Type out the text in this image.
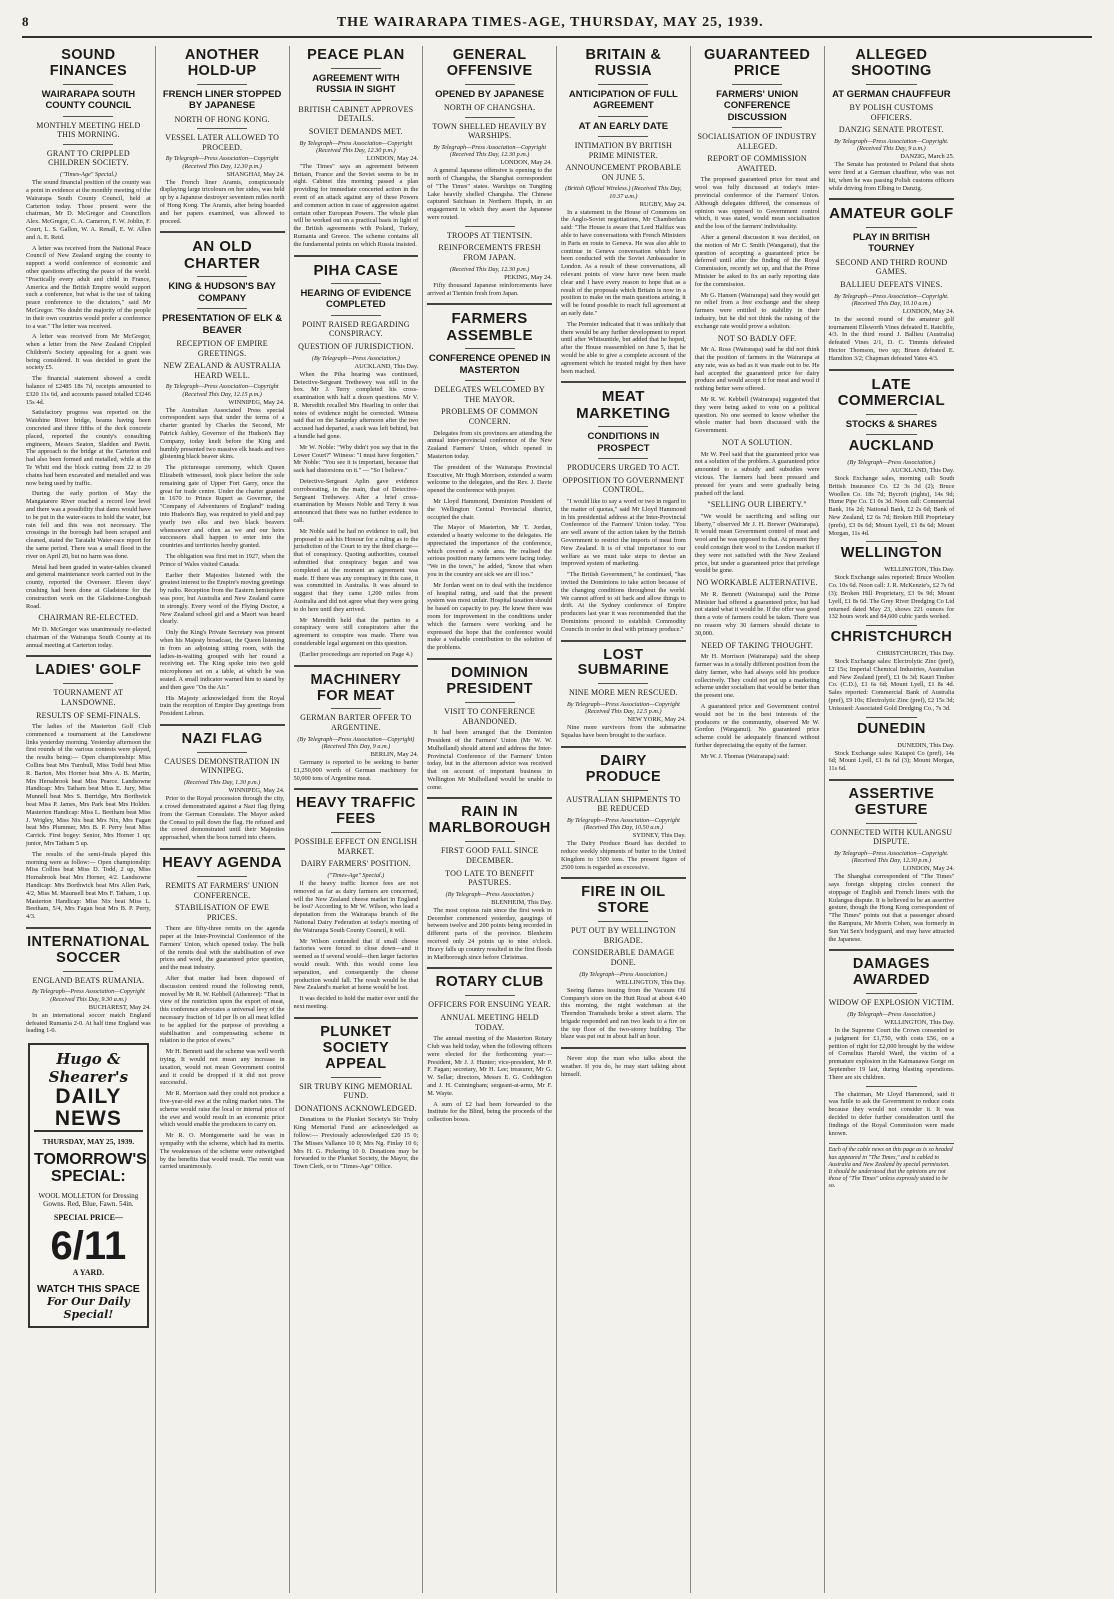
8	THE WAIRARAPA TIMES-AGE, THURSDAY, MAY 25, 1939.
SOUND FINANCES
WAIRARAPA SOUTH COUNTY COUNCIL
MONTHLY MEETING HELD THIS MORNING.
GRANT TO CRIPPLED CHILDREN SOCIETY.
("Times-Age" Special.)

The sound financial position of the county was a point in evidence at the monthly meeting of the Wairarapa South County Council, held at Carterton today. Those present were the chairman, Mr D. McGregor and Councillors Alex. McGregor, C. A. Cameron, F. W. Joblin, F. Court, L. S. Gallon, W. A. Renall, E. W. Allen and A. E. Reid.

A letter was received from the National Peace Council of New Zealand urging the county to support a world conference of economic and other questions affecting the peace of the world. "Practically every adult and child in France, America and the British Empire would support such a conference, but what is the use of taking peace conference to the dictators," said Mr McGregor. "No doubt the majority of the people in their own countries would prefer a conference to a war." The letter was received.

A letter was received from Mr McGregor, when a letter from the New Zealand Crippled Children's Society appealing for a grant was being considered. It was decided to grant the society £5.

The financial statement showed a credit balance of £2485 18s 7d, receipts amounted to £320 11s 6d, and accounts passed totalled £3246 15s 4d.

Satisfactory progress was reported on the Waiohine River bridge, beams having been concreted and three fifths of the deck concrete placed, reported the county's consulting engineers, Messrs Seaton, Sladden and Pavitt. The approach to the bridge at the Carterton end had also been formed and metalled, while at the Te Whiti end the block cutting from 22 to 29 chains had been excavated and metalled and was now being used by traffic.

During the early portion of May the Mangatarere River reached a record low level and there was a possibility that dams would have to be put in the water-races to hold the water, but rain fell and this was not necessary. The crossings in the borough had been scraped and cleaned, stated the Taratahi Water-race report for the same period. There was a small flood in the river on April 20, but no harm was done.

Metal had been graded in water-tables cleaned and general maintenance work carried out in the county, reported the Overseer. Eleven days' crushing had been done at Gladstone for the construction work on the Gladstone-Longbush Road.

CHAIRMAN RE-ELECTED.

Mr D. McGregor was unanimously re-elected chairman of the Wairarapa South County at its annual meeting at Carterton today.

LADIES' GOLF
TOURNAMENT AT LANSDOWNE.
RESULTS OF SEMI-FINALS.

The ladies of the Masterton Golf Club commenced a tournament at the Lansdowne links yesterday morning. Yesterday afternoon the first rounds of the various contests were played, the results being:— Open championship: Miss Collins beat Mrs Turnbull, Miss Todd beat Miss R. Barton, Mrs Horner beat Mrs A. B. Martin, Mrs Hersabrook beat Miss Pearce. Landsowne Handicap: Mrs Tatham beat Miss E. Jury, Miss Munnell beat Mrs S. Burridge, Mrs Borthwick beat Miss P. James, Mrs Park beat Mrs Holden. Masterton Handicap: Miss L. Beetham beat Miss J. Wrigley, Miss Nix beat Mrs Nix, Mrs Fagan beat Mrs Plummer, Mrs B. P. Perry beat Miss Carrick. First bogey: Senior, Mrs Horner 1 up; junior, Mrs Tatham 5 up.

The results of the semi-finals played this morning were as follow:— Open championship: Miss Collins beat Miss D. Todd, 2 up, Miss Hornabrook beat Mrs Horner, 4/2. Landsowne Handicap: Mrs Borthwick beat Mrs Allen Park, 4/2, Miss M. Maunsell beat Mrs F. Tatham, 1 up. Masterton Handicap: Miss Nix beat Miss L. Beetham, 5/4, Mrs Fagan beat Mrs B. P. Perry, 4/3.

INTERNATIONAL SOCCER
ENGLAND BEATS RUMANIA.
By Telegraph—Press Association—Copyright (Received This Day, 9.30 a.m.)
BUCHAREST, May 24.

In an international soccer match England defeated Rumania 2-0. At half time England was leading 1-0.

Hugo & Shearer's
DAILY NEWS
THURSDAY, MAY 25, 1939.
TOMORROW'S SPECIAL:
WOOL MOLLETON for Dressing Gowns. Red, Blue, Fawn. 54in.
SPECIAL PRICE—
6/11
A YARD.
WATCH THIS SPACE
For Our Daily Special!
ANOTHER HOLD-UP
FRENCH LINER STOPPED BY JAPANESE
NORTH OF HONG KONG.
VESSEL LATER ALLOWED TO PROCEED.
By Telegraph—Press Association—Copyright (Received This Day, 12.30 p.m.)
SHANGHAI, May 24.

The French liner Aramis, conspicuously displaying large tricolours on her sides, was held up by a Japanese destroyer seventeen miles north of Hong Kong. The Aramis, after being boarded and her papers examined, was allowed to proceed.

AN OLD CHARTER
KING & HUDSON'S BAY COMPANY
PRESENTATION OF ELK & BEAVER
RECEPTION OF EMPIRE GREETINGS.
NEW ZEALAND & AUSTRALIA HEARD WELL.
By Telegraph—Press Association—Copyright (Received This Day, 12.15 p.m.)
WINNIPEG, May 24.

The Australian Associated Press special correspondent says that under the terms of a charter granted by Charles the Second, Mr Patrick Ashley, Governor of the Hudson's Bay Company, today knelt before the King and humbly presented two massive elk heads and two glistening black beaver skins.

The picturesque ceremony, which Queen Elizabeth witnessed, took place before the sole remaining gate of Upper Fort Garry, once the great fur trade centre. Under the charter granted in 1670 to Prince Rupert as Governor, the "Company of Adventurers of England" trading into Hudson's Bay, was required to yield and pay yearly two elks and two black beavers whensoever and often as we and our heirs successors shall happen to enter into the countries and territories hereby granted.

The obligation was first met in 1927, when the Prince of Wales visited Canada.

Earlier their Majesties listened with the greatest interest to the Empire's moving greetings by radio. Reception from the Eastern hemisphere was poor, but Australia and New Zealand came in strongly. Every word of the Flying Doctor, a New Zealand school girl and a Maori was heard clearly.

Only the King's Private Secretary was present when his Majesty broadcast, the Queen listening in from an adjoining sitting room, with the ladies-in-waiting grouped with her round a receiving set. The King spoke into two gold microphones set on a table, at which he was seated. A small indicator warned him to stand by and then gave "On the Air."

His Majesty acknowledged from the Royal train the reception of Empire Day greetings from President Lebrun.

NAZI FLAG
CAUSES DEMONSTRATION IN WINNIPEG.
(Received This Day, 1.30 p.m.)
WINNIPEG, May 24.

Prior to the Royal procession through the city, a crowd demonstrated against a Nazi flag flying from the German Consulate. The Mayor asked the Consul to pull down the flag. He refused and the crowd demonstrated until their Majesties approached, when the boos turned into cheers.

HEAVY AGENDA
REMITS AT FARMERS' UNION CONFERENCE.
STABILISATION OF EWE PRICES.

There are fifty-three remits on the agenda paper at the Inter-Provincial Conference of the Farmers' Union, which opened today. The bulk of the remits deal with the stabilisation of ewe prices and wool, the guaranteed price question, and the meat industry.

After that matter had been disposed of discussion centred round the following remit, moved by Mr R. W. Kebbell (Athenree): "That in view of the restriction upon the export of meat, this conference advocates a universal levy of the necessary fraction of 1d per lb on all meat killed to be applied for the purpose of providing a stabilisation and compensating scheme in relation to the price of ewes."

Mr H. Bennett said the scheme was well worth trying. It would not mean any increase in taxation, would not mean Government control and it could be dropped if it did not prove successful.

Mr R. Morrison said they could not produce a five-year-old ewe at the ruling market rates. The scheme would raise the local or internal price of the ewe and would result in an economic price which would enable the producers to carry on.

Mr R. O. Montgomerie said he was in sympathy with the scheme, which had its merits. The weaknesses of the scheme were outweighed by the benefits that would result. The remit was carried unanimously.

PEACE PLAN
AGREEMENT WITH RUSSIA IN SIGHT
BRITISH CABINET APPROVES DETAILS.
SOVIET DEMANDS MET.
By Telegraph—Press Association—Copyright (Received This Day, 12.30 p.m.)
LONDON, May 24.

"The Times" says an agreement between Britain, France and the Soviet seems to be in sight. Cabinet this morning passed a plan providing for immediate concerted action in the event of an attack against any of these Powers and common action in case of aggression against certain other European Powers. The whole plan will be worked out on a practical basis in light of the British agreements with Poland, Turkey, Rumania and Greece. The scheme contains all the fundamental points on which Russia insisted.

PIHA CASE
HEARING OF EVIDENCE COMPLETED
POINT RAISED REGARDING CONSPIRACY.
QUESTION OF JURISDICTION.
(By Telegraph—Press Association.)
AUCKLAND, This Day.

When the Piha hearing was continued, Detective-Sergeant Trethewey was still in the box. Mr J. Terry completed his cross-examination with half a dozen questions. Mr V. R. Meredith recalled Mrs Hearling in order that notes of evidence might be corrected. Witness said that on the Saturday afternoon after the two accused had departed, a sack was left behind, but a bundle had gone.

Mr W. Noble: "Why didn't you say that in the Lower Court?" Witness: "I must have forgotten." Mr Noble: "You see it is important, because that sack had distorsions on it." — "So I believe."

Detective-Sergeant Aplin gave evidence corroborating, in the main, that of Detective-Sergeant Trethewey. After a brief cross-examination by Messrs Noble and Terry it was announced that there was no further evidence to call.

Mr Noble said he had no evidence to call, but proposed to ask his Honour for a ruling as to the jurisdiction of the Court to try the third charge—that of conspiracy. Quoting authorities, counsel submitted that conspiracy began and was completed at the moment an agreement was made. If there was any conspiracy in this case, it was committed in Australia. It was absurd to suggest that they came 1,200 miles from Australia and did not agree what they were going to do here until they arrived.

Mr Meredith held that the parties to a conspiracy were still conspirators after the agreement to conspire was made. There was considerable legal argument on this question.

(Earlier proceedings are reported on Page 4.)

MACHINERY FOR MEAT
GERMAN BARTER OFFER TO ARGENTINE.
(By Telegraph—Press Association—Copyright) (Received This Day, 9 a.m.)
BERLIN, May 24.

Germany is reported to be seeking to barter £1,250,000 worth of German machinery for 50,000 tons of Argentine meat.

HEAVY TRAFFIC FEES
POSSIBLE EFFECT ON ENGLISH MARKET.
DAIRY FARMERS' POSITION.
("Times-Age" Special.)

If the heavy traffic licence fees are not removed as far as dairy farmers are concerned, will the New Zealand cheese market in England be lost? According to Mr W. Wilson, who lead a deputation from the Wairarapa branch of the National Dairy Federation at today's meeting of the Wairarapa South County Council, it will.

Mr Wilson contended that if small cheese factories were forced to close down—and it seemed as if several would—then larger factories would result. With this would come less separation, and consequently the cheese production would fall. The result would be that New Zealand's market at home would be lost.

It was decided to hold the matter over until the next meeting.

PLUNKET SOCIETY APPEAL
SIR TRUBY KING MEMORIAL FUND.
DONATIONS ACKNOWLEDGED.

Donations to the Plunket Society's Sir Truby King Memorial Fund are acknowledged as follow:— Previously acknowledged £20 15 0; The Misses Vallance 10 0; Mrs Ng. Finlay 10 6; Mrs H. G. Pickering 10 0. Donations may be forwarded to the Plunket Society, the Mayor, the Town Clerk, or to "Times-Age" Office.

GENERAL OFFENSIVE
OPENED BY JAPANESE
NORTH OF CHANGSHA.
TOWN SHELLED HEAVILY BY WARSHIPS.
By Telegraph—Press Association—Copyright (Received This Day, 12.30 p.m.)
LONDON, May 24.

A general Japanese offensive is opening to the north of Changsha, the Shanghai correspondent of "The Times" states. Warships on Tungting Lake heavily shelled Changsha. The Chinese captured Saichuan in Northern Hupeh, in an engagement in which they assert the Japanese were routed.

TROOPS AT TIENTSIN.
REINFORCEMENTS FRESH FROM JAPAN.
(Received This Day, 12.30 p.m.)
PEKING, May 24.

Fifty thousand Japanese reinforcements have arrived at Tientsin fresh from Japan.

FARMERS ASSEMBLE
CONFERENCE OPENED IN MASTERTON
DELEGATES WELCOMED BY THE MAYOR.
PROBLEMS OF COMMON CONCERN.

Delegates from six provinces are attending the annual inter-provincial conference of the New Zealand Farmers' Union, which opened in Masterton today.

The president of the Wairarapa Provincial Executive, Mr Hugh Morrison, extended a warm welcome to the delegates, and the Rev. J. Davie opened the conference with prayer.

Mr Lloyd Hammond, Dominion President of the Wellington Central Provincial district, occupied the chair.

The Mayor of Masterton, Mr T. Jordan, extended a hearty welcome to the delegates. He appreciated the importance of the conference, which covered a wide area. He realised the serious position many farmers were facing today. "We in the town," he added, "know that when you in the country are sick we are ill too."

Mr Jordan went on to deal with the incidence of hospital rating, and said that the present system was most unfair. Hospital taxation should be based on capacity to pay. He knew there was room for improvement in the conditions under which the farmers were working and he expressed the hope that the conference would make a valuable contribution to the solution of the problems.

DOMINION PRESIDENT
VISIT TO CONFERENCE ABANDONED.

It had been arranged that the Dominion President of the Farmers' Union (Mr W. W. Mulholland) should attend and address the Inter-Provincial Conference of the Farmers' Union today, but in the afternoon advice was received that on account of important business in Wellington Mr Mulholland would be unable to come.

RAIN IN MARLBOROUGH
FIRST GOOD FALL SINCE DECEMBER.
TOO LATE TO BENEFIT PASTURES.
(By Telegraph—Press Association.)
BLENHEIM, This Day.

The most copious rain since the first week in December commenced yesterday, gaugings of between twelve and 200 points being recorded in different parts of the province. Blenheim received only 24 points up to nine o'clock. Heavy falls up country resulted in the first floods in Marlborough since before Christmas.

ROTARY CLUB
OFFICERS FOR ENSUING YEAR.
ANNUAL MEETING HELD TODAY.

The annual meeting of the Masterton Rotary Club was held today, when the following officers were elected for the forthcoming year:—President, Mr J. J. Hunter; vice-president, Mr P. F. Fagan; secretary, Mr H. Lee; treasurer, Mr G. W. Sellar; directors, Messrs E. G. Coddington and J. H. Cunningham; sergeant-at-arms, Mr F. M. Wayte.

A sum of £2 had been forwarded to the Institute for the Blind, being the proceeds of the collection boxes.

BRITAIN & RUSSIA
ANTICIPATION OF FULL AGREEMENT
AT AN EARLY DATE
INTIMATION BY BRITISH PRIME MINISTER.
ANNOUNCEMENT PROBABLE ON JUNE 5.
(British Official Wireless.) (Received This Day, 10.37 a.m.)
RUGBY, May 24.

In a statement in the House of Commons on the Anglo-Soviet negotiations, Mr Chamberlain said: "The House is aware that Lord Halifax was able to have conversations with French Ministers in Paris en route to Geneva. He was also able to continue in Geneva conversation which have been conducted with the Soviet Ambassador in London. As a result of these conversations, all relevant points of view have now been made clear and I have every reason to hope that as a result of the proposals which Britain is now in a position to make on the main questions arising, it will be found possible to reach full agreement at an early date."

The Premier indicated that it was unlikely that there would be any further development to report until after Whitsuntide, but added that he hoped, after the House reassembled on June 5, that he would be able to give a complete account of the agreement which he trusted might by then have been reached.

MEAT MARKETING
CONDITIONS IN PROSPECT
PRODUCERS URGED TO ACT.
OPPOSITION TO GOVERNMENT CONTROL.

"I would like to say a word or two in regard to the matter of quotas," said Mr Lloyd Hammond in his presidential address at the Inter-Provincial Conference of the Farmers' Union today. "You are well aware of the action taken by the British Government to restrict the imports of meat from New Zealand. It is of vital importance to our welfare as we must take steps to devise an improved system of marketing.

"The British Government," he continued, "has invited the Dominions to take action because of the changing conditions throughout the world. We cannot afford to sit back and allow things to drift. At the Sydney conference of Empire producers last year it was recommended that the Dominions proceed to establish Commodity Councils in order to deal with primary produce."

LOST SUBMARINE
NINE MORE MEN RESCUED.
By Telegraph—Press Association—Copyright (Received This Day, 12.5 p.m.)
NEW YORK, May 24.

Nine more survivors from the submarine Squalus have been brought to the surface.

DAIRY PRODUCE
AUSTRALIAN SHIPMENTS TO BE REDUCED
By Telegraph—Press Association—Copyright (Received This Day, 10.50 a.m.)
SYDNEY, This Day.

The Dairy Produce Board has decided to reduce weekly shipments of butter to the United Kingdom to 1500 tons. The present figure of 2500 tons is regarded as excessive.

FIRE IN OIL STORE
PUT OUT BY WELLINGTON BRIGADE.
CONSIDERABLE DAMAGE DONE.
(By Telegraph—Press Association.)
WELLINGTON, This Day.

Seeing flames issuing from the Vacuum Oil Company's store on the Hutt Road at about 4.40 this morning, the night watchman at the Thorndon Tramsheds broke a street alarm. The brigade responded and ran two leads to a fire on the top floor of the two-storey building. The blaze was put out in about half an hour.

Never stop the man who talks about the weather. If you do, he may start talking about himself.

GUARANTEED PRICE
FARMERS' UNION CONFERENCE DISCUSSION
SOCIALISATION OF INDUSTRY ALLEGED.
REPORT OF COMMISSION AWAITED.

The proposed guaranteed price for meat and wool was fully discussed at today's inter-provincial conference of the Farmers' Union. Although delegates differed, the consensus of opinion was opposed to Government control which, it was stated, would mean socialisation and the loss of the farmers' individuality.

After a general discussion it was decided, on the motion of Mr C. Smith (Wanganui), that the question of accepting a guaranteed price be deferred until after the finding of the Royal Commission, recently set up, and that the Prime Minister be asked to fix an early reporting date for the commission.

Mr G. Hansen (Wairarapa) said they would get no relief from a free exchange and the sheep farmers were entitled to stability in their industry, but he did not think the raising of the exchange rate would prove a solution.

NOT SO BADLY OFF.

Mr A. Ross (Wairarapa) said he did not think that the position of farmers in the Wairarapa at any rate, was as bad as it was made out to be. He had accepted the guaranteed price for dairy produce and would accept it for meat and wool if nothing better were offered.

Mr R. W. Kebbell (Wairarapa) suggested that they were being asked to vote on a political question. No one seemed to know whether the whole matter had been discussed with the Government.

NOT A SOLUTION.

Mr W. Peel said that the guaranteed price was not a solution of the problem. A guaranteed price amounted to a subsidy and subsidies were vicious. The farmers had been pressed and pressed for years and were gradually being pushed off the land.

"SELLING OUR LIBERTY."

"We would be sacrificing and selling our liberty," observed Mr J. H. Brewer (Wairarapa). It would mean Government control of meat and wool and he was opposed to that. At present they could consign their wool to the London market if they were not satisfied with the New Zealand price, but under a guaranteed price that privilege would be gone.

NO WORKABLE ALTERNATIVE.

Mr R. Bennett (Wairarapa) said the Prime Minister had offered a guaranteed price, but had not stated what it would be. If the offer was good then a vote of farmers could be taken. There was no reason why 30 farmers should dictate to 30,000.

NEED OF TAKING THOUGHT.

Mr H. Morrison (Wairarapa) said the sheep farmer was in a totally different position from the dairy farmer, who had always sold his produce collectively. They could not put up a marketing scheme under socialism that would be better than the present one.

A guaranteed price and Government control would not be in the best interests of the producers or the community, observed Mr W. Gordon (Wanganui). No guaranteed price scheme could be adequately financed without further depreciating the equity of the farmer.

Mr W. J. Thomas (Wairarapa) said:

ALLEGED SHOOTING
AT GERMAN CHAUFFEUR
BY POLISH CUSTOMS OFFICERS.
DANZIG SENATE PROTEST.
By Telegraph—Press Association—Copyright. (Received This Day, 9 a.m.)
DANZIG, March 25.

The Senate has protested to Poland that shots were fired at a German chauffeur, who was not hit, when he was passing Polish customs officers while driving from Elbing to Danzig.

AMATEUR GOLF
PLAY IN BRITISH TOURNEY
SECOND AND THIRD ROUND GAMES.
BALLIEU DEFEATS VINES.
By Telegraph—Press Association—Copyright. (Received This Day, 10.10 a.m.)
LONDON, May 24.

In the second round of the amateur golf tournament Ellsworth Vines defeated E. Ratcliffe, 4/3. In the third round J. Ballieu (Australia) defeated Vines 2/1, D. C. Timmis defeated Hector Thomson, two up; Bruen defeated E. Hamilton 3/2; Chapman defeated Yates 4/3.

LATE COMMERCIAL
STOCKS & SHARES
AUCKLAND
(By Telegraph—Press Association.)
AUCKLAND, This Day.

Stock Exchange sales, morning call: South British Insurance Co. £2 3s 3d (2); Bruce Woollen Co. 18s 7d; Bycroft (rights), 14s 9d; Hume Pipe Co. £1 0s 3d. Noon call: Commercial Bank, 16s 2d; National Bank, £2 2s 6d; Bank of New Zealand, £2 6s 7d; Broken Hill Proprietary (prefs), £3 0s 6d; Mount Lyell, £1 8s 6d; Mount Morgan, 11s 4d.

WELLINGTON
WELLINGTON, This Day.

Stock Exchange sales reported: Bruce Woollen Co. 10s 6d. Noon call: J. R. McKenzie's, £2 7s 6d (3); Broken Hill Proprietary, £3 9s 9d; Mount Lyell, £1 8s 6d. The Grey River Dredging Co Ltd returned dated May 23, shows 221 ounces for 132 hours work and 84,600 cubic yards worked.

CHRISTCHURCH
CHRISTCHURCH, This Day.

Stock Exchange sales: Electrolytic Zinc (pref), £2 15s; Imperial Chemical Industries, Australian and New Zealand (pref), £1 0s 3d; Kauri Timber Co. (C.D.), £1 6s 6d; Mount Lyell, £1 8s 4d. Sales reported: Commercial Bank of Australia (pref), £9 10s; Electrolytic Zinc (pref), £2 15s 3d; Unissued: Associated Gold Dredging Co., 7s 3d.

DUNEDIN
DUNEDIN, This Day.

Stock Exchange sales: Kaiapoi Co (pref), 14s 6d; Mount Lyell, £1 8s 6d (3); Mount Morgan, 11s 6d.

ASSERTIVE GESTURE
CONNECTED WITH KULANGSU DISPUTE.
By Telegraph—Press Association—Copyright. (Received This Day, 12.30 p.m.)
LONDON, May 24.

The Shanghai correspondent of "The Times" says foreign shipping circles connect the stoppage of English and French liners with the Kulangsu dispute. It is believed to be an assertive gesture, though the Hong Kong correspondent of "The Times" points out that a passenger aboard the Rampura, Mr Morris Cohen, was formerly in Sun Yat Sen's bodyguard, and may have attracted the Japanese.

DAMAGES AWARDED
WIDOW OF EXPLOSION VICTIM.
(By Telegraph—Press Association.)
WELLINGTON, This Day.

In the Supreme Court the Crown consented to a judgment for £1,750, with costs £56, on a petition of right for £2,000 brought by the widow of Cornelius Harold Ward, the victim of a premature explosion in the Kaimanawa Gorge on September 19 last, during blasting operations. There are six children.

The chairman, Mr Lloyd Hammond, said it was futile to ask the Government to reduce costs because they would not consider it. It was decided to defer further consideration until the findings of the Royal Commission were made known.

Each of the cable news on this page as is so headed has appeared in "The Times," and is cabled to Australia and New Zealand by special permission. It should be understood that the opinions are not those of "The Times" unless expressly stated to be so.
